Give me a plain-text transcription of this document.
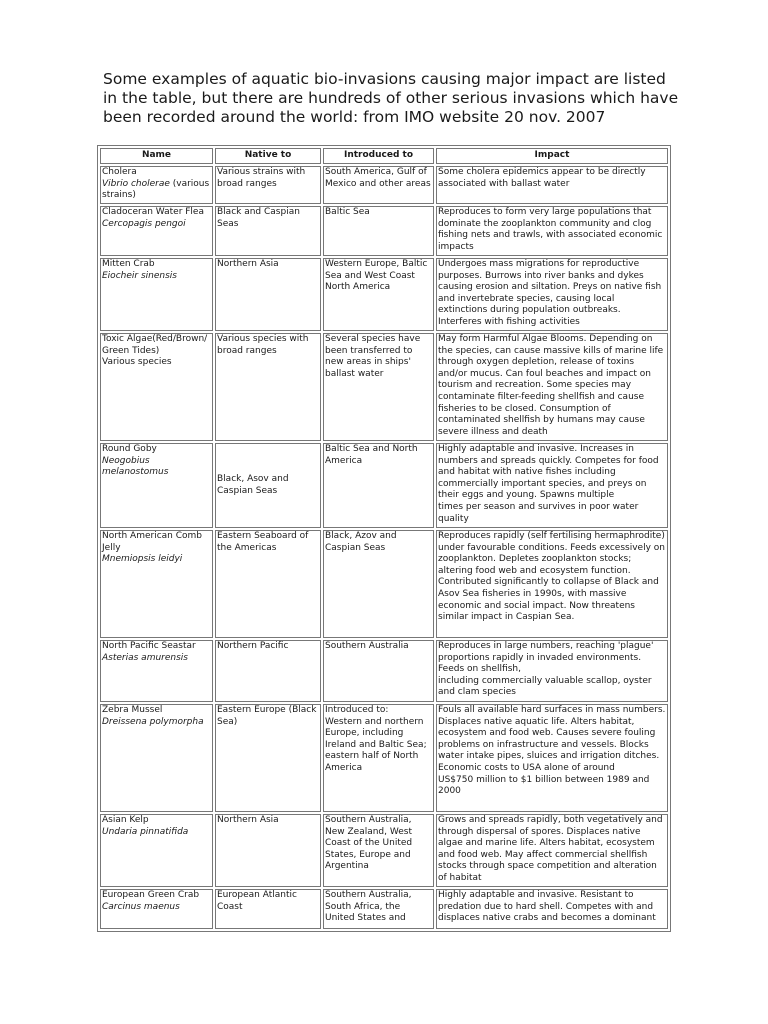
Some examples of aquatic bio-invasions causing major impact are listed in the table, but there are hundreds of other serious invasions which have been recorded around the world: from IMO website 20 nov. 2007

Name	Native to	Introduced to	Impact

Cholera
Vibrio cholerae (various strains)	Various strains with broad ranges	South America, Gulf of Mexico and other areas	Some cholera epidemics appear to be directly associated with ballast water

Cladoceran Water Flea
Cercopagis pengoi	Black and Caspian Seas	Baltic Sea	Reproduces to form very large populations that dominate the zooplankton community and clog fishing nets and trawls, with associated economic impacts

Mitten Crab
Eiocheir sinensis	Northern Asia	Western Europe, Baltic Sea and West Coast North America	Undergoes mass migrations for reproductive purposes. Burrows into river banks and dykes causing erosion and siltation. Preys on native fish and invertebrate species, causing local extinctions during population outbreaks. Interferes with fishing activities
Toxic Algae(Red/Brown/ Green Tides)
Various species	Various species with broad ranges	Several species have been transferred to new areas in ships' ballast water	May form Harmful Algae Blooms. Depending on the species, can cause massive kills of marine life through oxygen depletion, release of toxins and/or mucus. Can foul beaches and impact on tourism and recreation. Some species may contaminate filter-feeding shellfish and cause fisheries to be closed. Consumption of contaminated shellfish by humans may cause severe illness and death

Round Goby
Neogobius melanostomus	Black, Asov and Caspian Seas	Baltic Sea and North America	Highly adaptable and invasive. Increases in numbers and spreads quickly. Competes for food and habitat with native fishes including commercially important species, and preys on their eggs and young. Spawns multiple
times per season and survives in poor water quality

North American Comb Jelly
Mnemiopsis leidyi	Eastern Seaboard of the Americas	Black, Azov and Caspian Seas	Reproduces rapidly (self fertilising hermaphrodite) under favourable conditions. Feeds excessively on zooplankton. Depletes zooplankton stocks; altering food web and ecosystem function. Contributed significantly to collapse of Black and Asov Sea fisheries in 1990s, with massive economic and social impact. Now threatens similar impact in Caspian Sea.

North Pacific Seastar
Asterias amurensis	Northern Pacific	Southern Australia	Reproduces in large numbers, reaching 'plague' proportions rapidly in invaded environments. Feeds on shellfish,
including commercially valuable scallop, oyster and clam species

Zebra Mussel
Dreissena polymorpha	Eastern Europe (Black Sea)	Introduced to:
Western and northern Europe, including Ireland and Baltic Sea; eastern half of North America	Fouls all available hard surfaces in mass numbers. Displaces native aquatic life. Alters habitat, ecosystem and food web. Causes severe fouling problems on infrastructure and vessels. Blocks water intake pipes, sluices and irrigation ditches. Economic costs to USA alone of around
US$750 million to $1 billion between 1989 and 2000

Asian Kelp
Undaria pinnatifida	Northern Asia	Southern Australia, New Zealand, West Coast of the United States, Europe and Argentina	Grows and spreads rapidly, both vegetatively and through dispersal of spores. Displaces native algae and marine life. Alters habitat, ecosystem and food web. May affect commercial shellfish stocks through space competition and alteration of habitat

European Green Crab
Carcinus maenus	European Atlantic Coast	Southern Australia, South Africa, the United States and	Highly adaptable and invasive. Resistant to predation due to hard shell. Competes with and displaces native crabs and becomes a dominant
